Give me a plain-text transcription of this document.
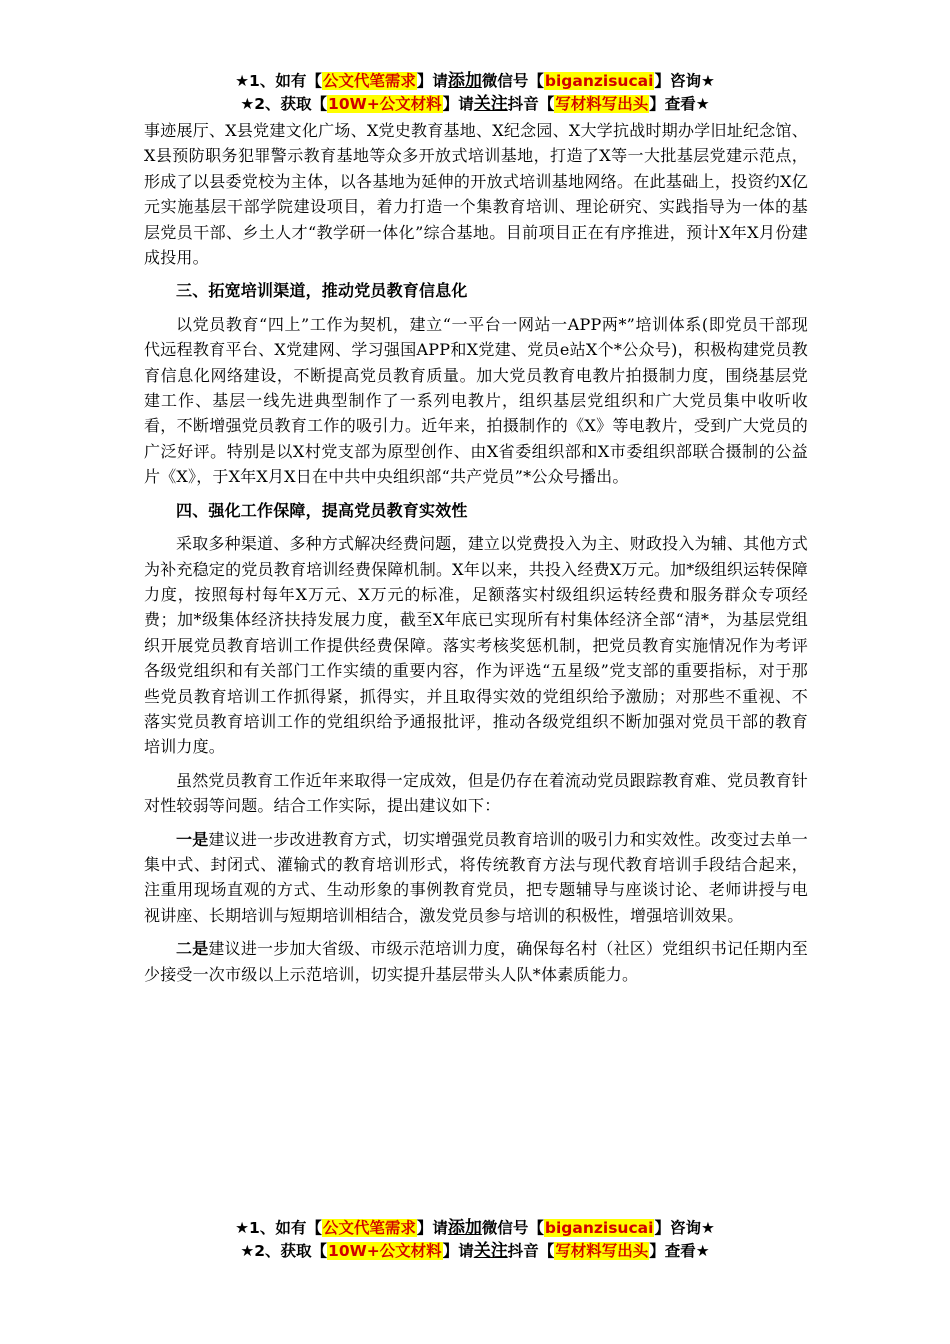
★1、如有【公文代笔需求】请添加微信号【biganzisucai】咨询★
★2、获取【10W+公文材料】请关注抖音【写材料写出头】查看★

事迹展厅、X县党建文化广场、X党史教育基地、X纪念园、X大学抗战时期办学旧址纪念馆、X县预防职务犯罪警示教育基地等众多开放式培训基地，打造了X等一大批基层党建示范点，形成了以县委党校为主体，以各基地为延伸的开放式培训基地网络。在此基础上，投资约X亿元实施基层干部学院建设项目，着力打造一个集教育培训、理论研究、实践指导为一体的基层党员干部、乡土人才“教学研一体化”综合基地。目前项目正在有序推进，预计X年X月份建成投用。

三、拓宽培训渠道，推动党员教育信息化

以党员教育“四上”工作为契机，建立“一平台一网站一APP两*”培训体系(即党员干部现代远程教育平台、X党建网、学习强国APP和X党建、党员e站X个*公众号)，积极构建党员教育信息化网络建设，不断提高党员教育质量。加大党员教育电教片拍摄制力度，围绕基层党建工作、基层一线先进典型制作了一系列电教片，组织基层党组织和广大党员集中收听收看，不断增强党员教育工作的吸引力。近年来，拍摄制作的《X》等电教片，受到广大党员的广泛好评。特别是以X村党支部为原型创作、由X省委组织部和X市委组织部联合摄制的公益片《X》，于X年X月X日在中共中央组织部“共产党员”*公众号播出。

四、强化工作保障，提高党员教育实效性

采取多种渠道、多种方式解决经费问题，建立以党费投入为主、财政投入为辅、其他方式为补充稳定的党员教育培训经费保障机制。X年以来，共投入经费X万元。加*级组织运转保障力度，按照每村每年X万元、X万元的标准，足额落实村级组织运转经费和服务群众专项经费；加*级集体经济扶持发展力度，截至X年底已实现所有村集体经济全部“清*，为基层党组织开展党员教育培训工作提供经费保障。落实考核奖惩机制，把党员教育实施情况作为考评各级党组织和有关部门工作实绩的重要内容，作为评选“五星级”党支部的重要指标，对于那些党员教育培训工作抓得紧，抓得实，并且取得实效的党组织给予激励；对那些不重视、不落实党员教育培训工作的党组织给予通报批评，推动各级党组织不断加强对党员干部的教育培训力度。

虽然党员教育工作近年来取得一定成效，但是仍存在着流动党员跟踪教育难、党员教育针对性较弱等问题。结合工作实际，提出建议如下：

一是建议进一步改进教育方式，切实增强党员教育培训的吸引力和实效性。改变过去单一集中式、封闭式、灌输式的教育培训形式，将传统教育方法与现代教育培训手段结合起来，注重用现场直观的方式、生动形象的事例教育党员，把专题辅导与座谈讨论、老师讲授与电视讲座、长期培训与短期培训相结合，激发党员参与培训的积极性，增强培训效果。

二是建议进一步加大省级、市级示范培训力度，确保每名村（社区）党组织书记任期内至少接受一次市级以上示范培训，切实提升基层带头人队*体素质能力。

★1、如有【公文代笔需求】请添加微信号【biganzisucai】咨询★
★2、获取【10W+公文材料】请关注抖音【写材料写出头】查看★
